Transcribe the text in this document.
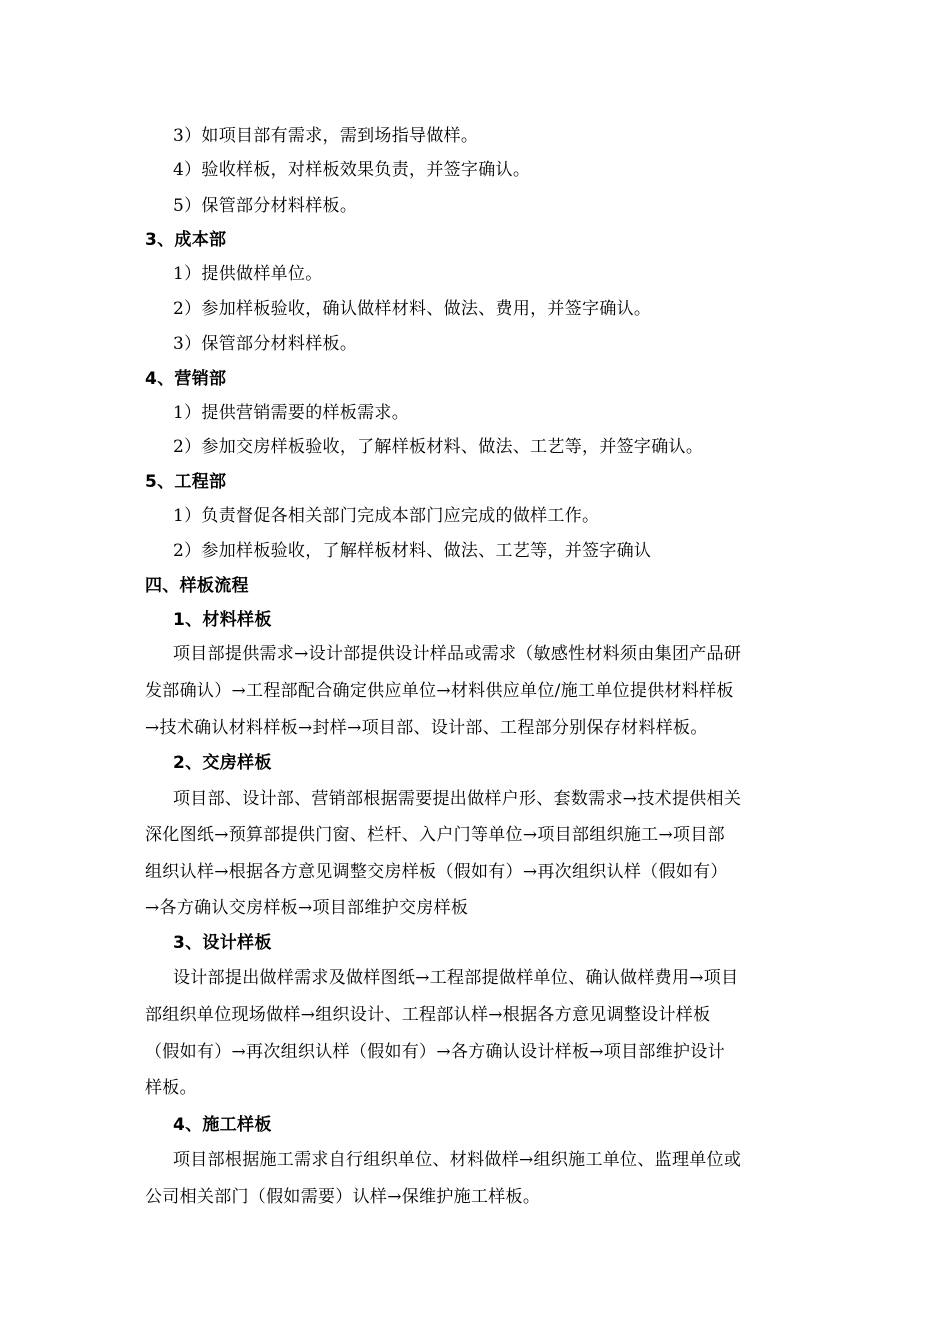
3）如项目部有需求，需到场指导做样。
4）验收样板，对样板效果负责，并签字确认。
5）保管部分材料样板。
3、成本部
1）提供做样单位。
2）参加样板验收，确认做样材料、做法、费用，并签字确认。
3）保管部分材料样板。
4、营销部
1）提供营销需要的样板需求。
2）参加交房样板验收，了解样板材料、做法、工艺等，并签字确认。
5、工程部
1）负责督促各相关部门完成本部门应完成的做样工作。
2）参加样板验收，了解样板材料、做法、工艺等，并签字确认
四、样板流程
1、材料样板
项目部提供需求→设计部提供设计样品或需求（敏感性材料须由集团产品研
发部确认）→工程部配合确定供应单位→材料供应单位/施工单位提供材料样板
→技术确认材料样板→封样→项目部、设计部、工程部分别保存材料样板。
2、交房样板
项目部、设计部、营销部根据需要提出做样户形、套数需求→技术提供相关
深化图纸→预算部提供门窗、栏杆、入户门等单位→项目部组织施工→项目部
组织认样→根据各方意见调整交房样板（假如有）→再次组织认样（假如有）
→各方确认交房样板→项目部维护交房样板
3、设计样板
设计部提出做样需求及做样图纸→工程部提做样单位、确认做样费用→项目
部组织单位现场做样→组织设计、工程部认样→根据各方意见调整设计样板
（假如有）→再次组织认样（假如有）→各方确认设计样板→项目部维护设计
样板。
4、施工样板
项目部根据施工需求自行组织单位、材料做样→组织施工单位、监理单位或
公司相关部门（假如需要）认样→保维护施工样板。
